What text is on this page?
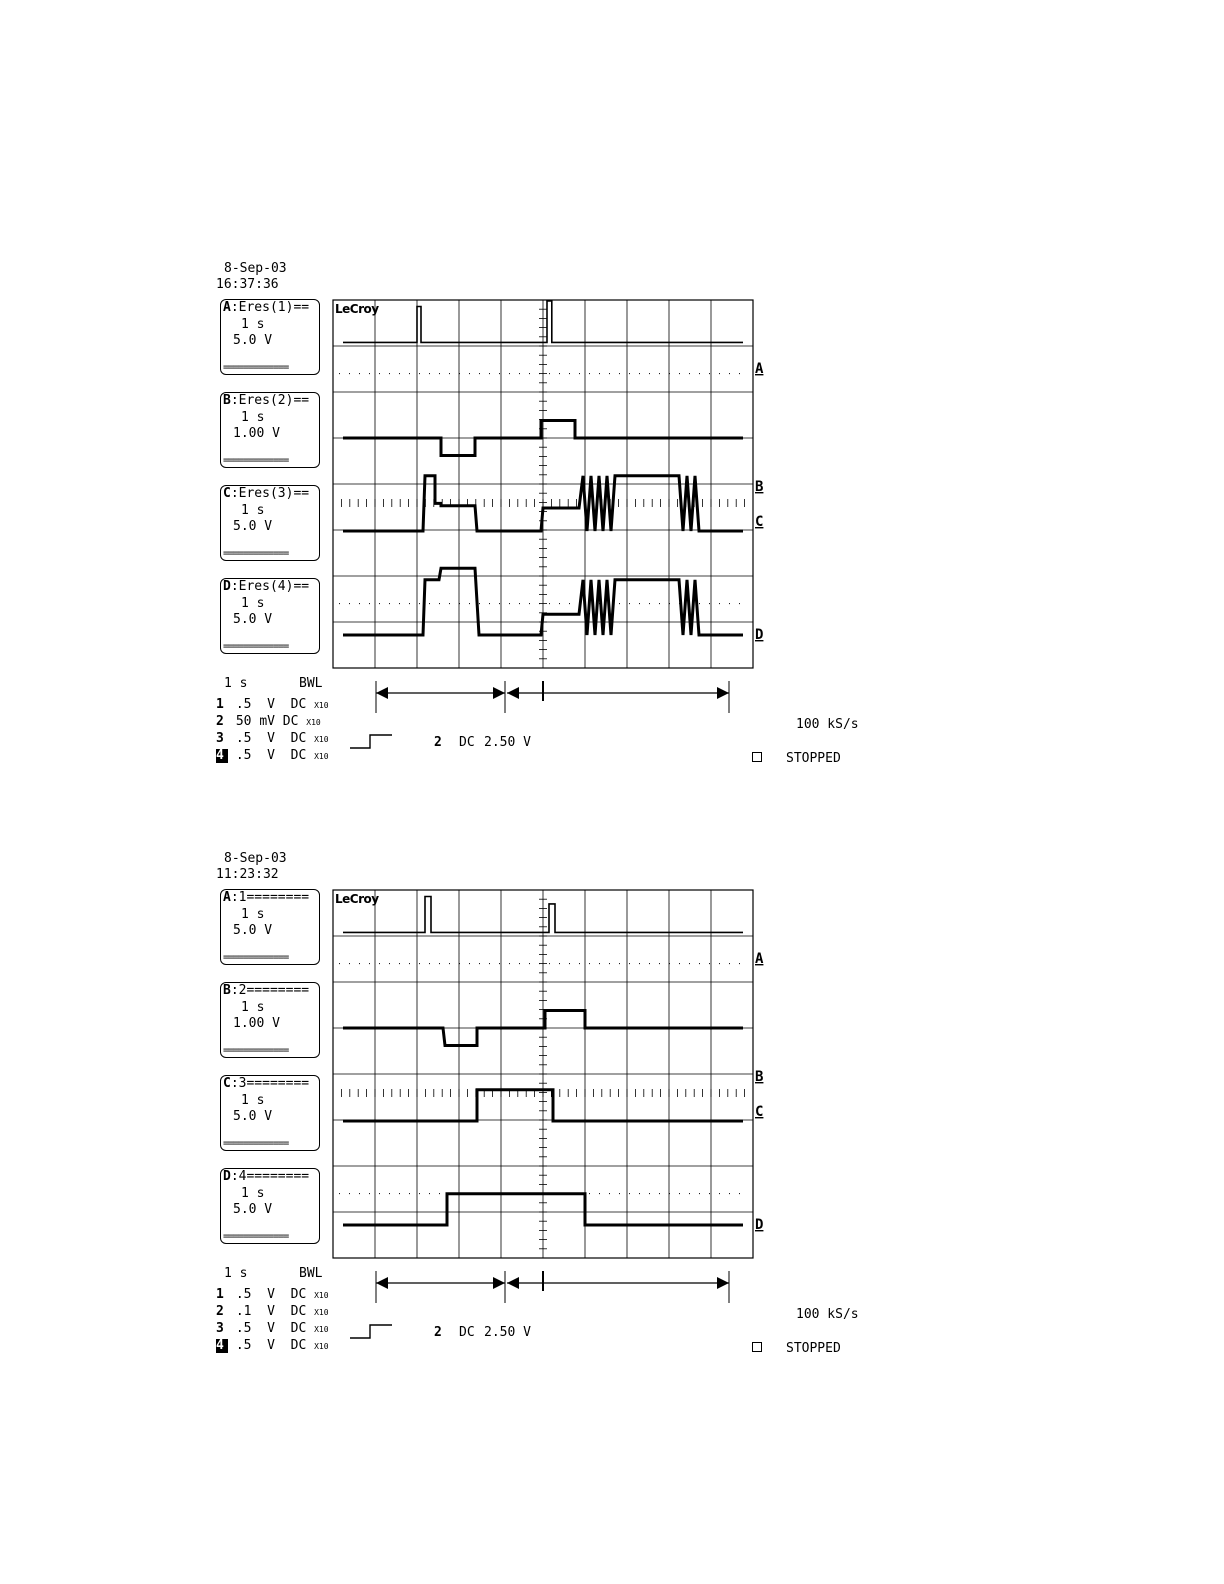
8-Sep-03
16:37:36
A:Eres(1)==
1 s
5.0 V
=============
B:Eres(2)==
1 s
1.00 V
=============
C:Eres(3)==
1 s
5.0 V
=============
D:Eres(4)==
1 s
5.0 V
=============
A
B
C
D
LeCroy
1 s	BWL
1 .5 V DC X10
2 50 mV DC X10
3 .5 V DC X10
4 .5 V DC X10
2 DC 2.50 V
100 kS/s
STOPPED
8-Sep-03
11:23:32
A:1========
1 s
5.0 V
=============
B:2========
1 s
1.00 V
=============
C:3========
1 s
5.0 V
=============
D:4========
1 s
5.0 V
=============
A
B
C
D
LeCroy
1 s	BWL
1 .5 V DC X10
2 .1 V DC X10
3 .5 V DC X10
4 .5 V DC X10
2 DC 2.50 V
100 kS/s
STOPPED
